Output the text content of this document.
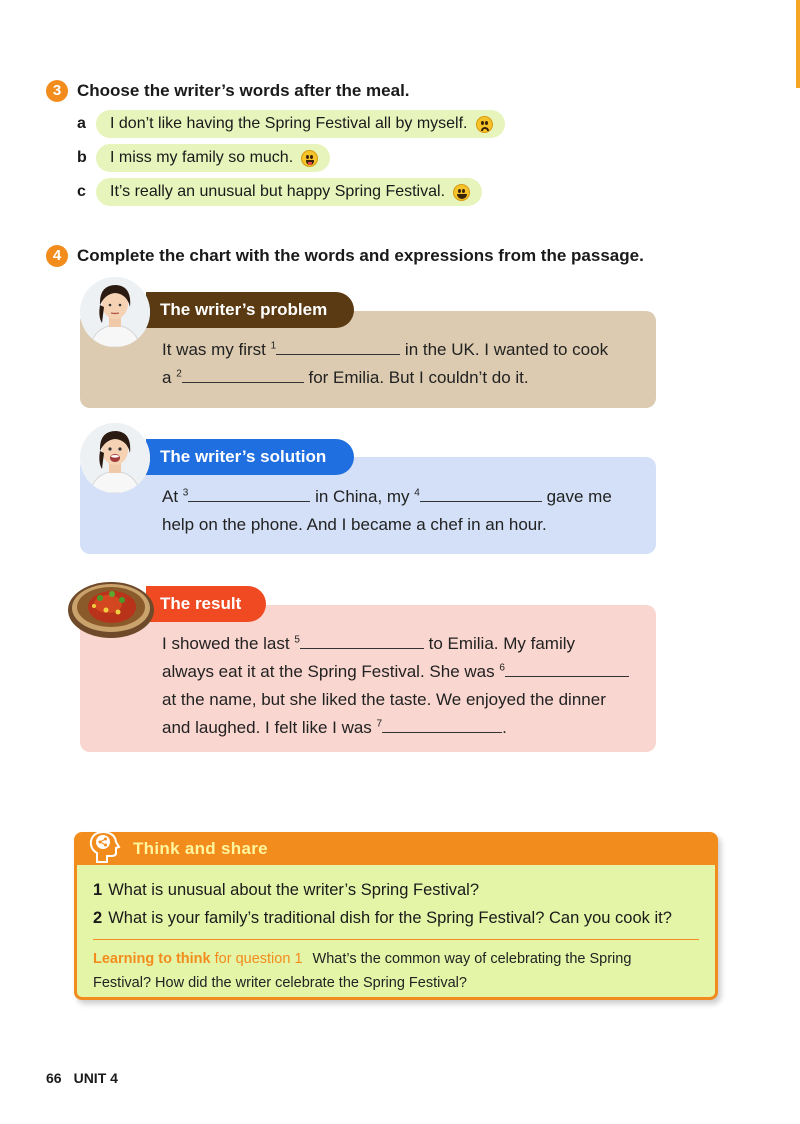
3 Choose the writer’s words after the meal.
a I don’t like having the Spring Festival all by myself.
b I miss my family so much.
c It’s really an unusual but happy Spring Festival.
4 Complete the chart with the words and expressions from the passage.
The writer’s problem
It was my first $^1$	in the UK. I wanted to cook
a $^2$	for Emilia. But I couldn’t do it.
The writer’s solution
At $^3$	in China, my $^4$	gave me
help on the phone. And I became a chef in an hour.
The result
I showed the last $^5$	to Emilia. My family
always eat it at the Spring Festival. She was $^6$
at the name, but she liked the taste. We enjoyed the dinner
and laughed. I felt like I was $^7$	.
Think and share
1 What is unusual about the writer’s Spring Festival?
2 What is your family’s traditional dish for the Spring Festival? Can you cook it?
Learning to think for question 1 What’s the common way of celebrating the Spring Festival? How did the writer celebrate the Spring Festival?
66 UNIT 4
